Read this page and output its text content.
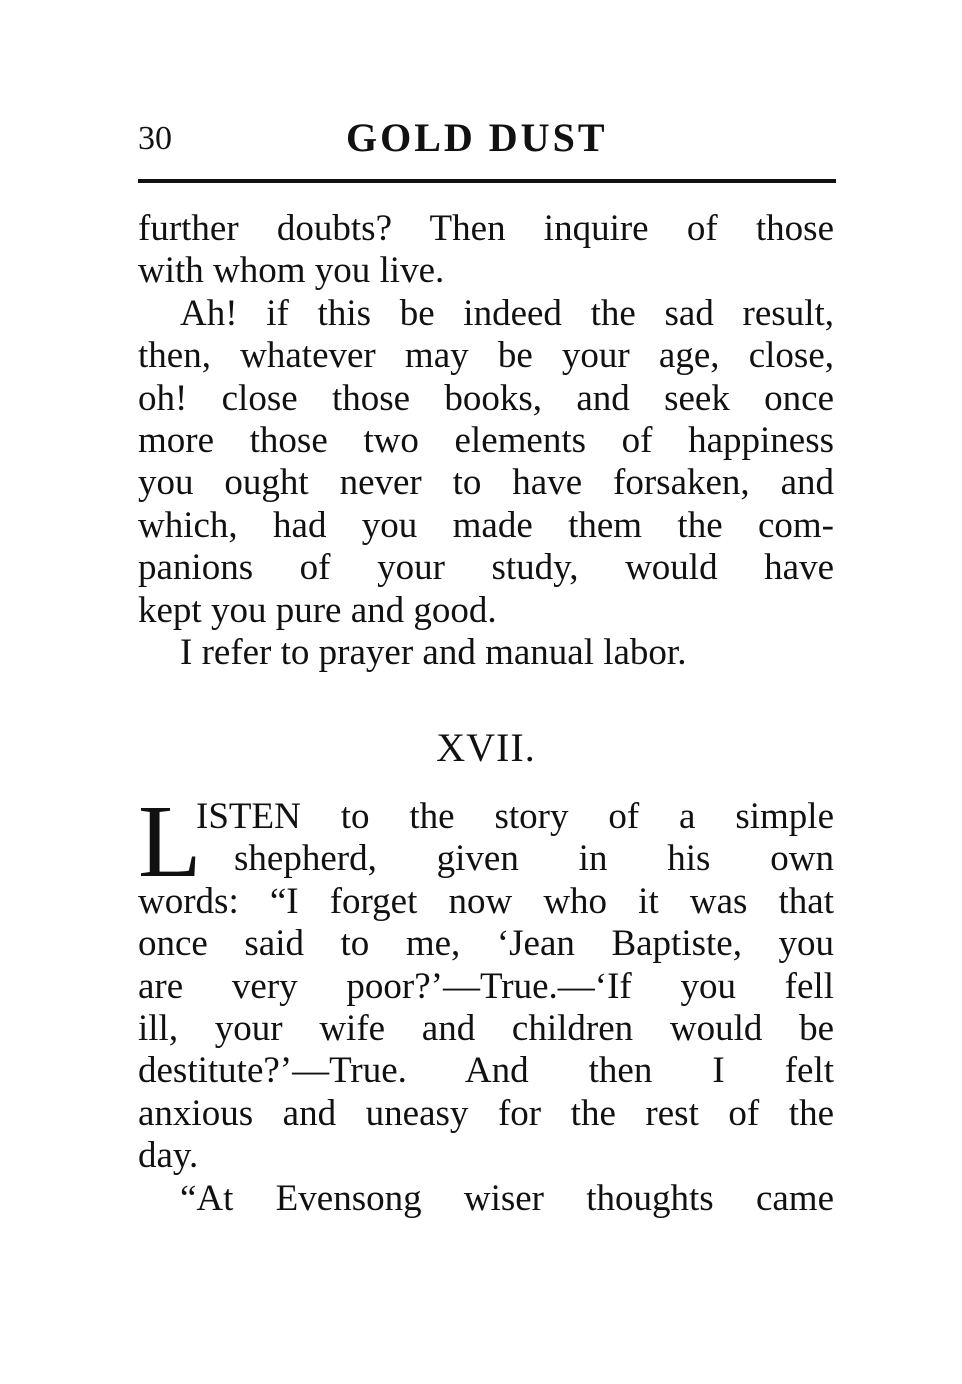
30	GOLD DUST
further doubts? Then inquire of those
with whom you live.
Ah! if this be indeed the sad result,
then, whatever may be your age, close,
oh! close those books, and seek once
more those two elements of happiness
you ought never to have forsaken, and
which, had you made them the com-
panions of your study, would have
kept you pure and good.
I refer to prayer and manual labor.
XVII.
L
ISTEN to the story of a simple
shepherd, given in his own
words: “I forget now who it was that
once said to me, ‘Jean Baptiste, you
are very poor?’—True.—‘If you fell
ill, your wife and children would be
destitute?’—True. And then I felt
anxious and uneasy for the rest of the
day.
“At Evensong wiser thoughts came
